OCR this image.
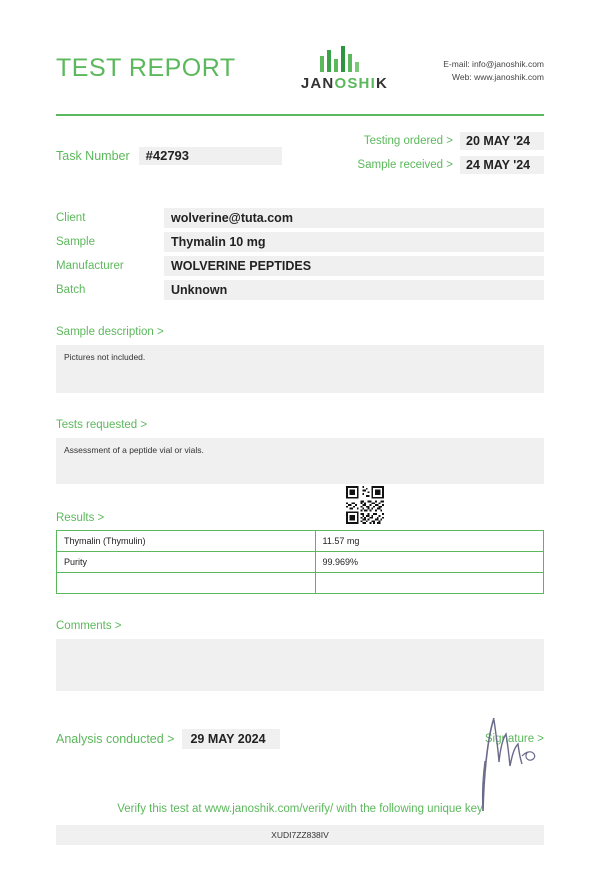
TEST REPORT
JANOSHIK
E-mail: info@janoshik.com
Web: www.janoshik.com
Task Number	#42793
Testing ordered >	20 MAY '24
Sample received >	24 MAY '24
Client	wolverine@tuta.com
Sample	Thymalin 10 mg
Manufacturer	WOLVERINE PEPTIDES
Batch	Unknown
Sample description >
Pictures not included.
Tests requested >
Assessment of a peptide vial or vials.
Results >
Thymalin (Thymulin)	11.57 mg
Purity	99.969%

Comments >
Analysis conducted >	29 MAY 2024	Signature >
Verify this test at www.janoshik.com/verify/ with the following unique key
XUDI7ZZ838IV
